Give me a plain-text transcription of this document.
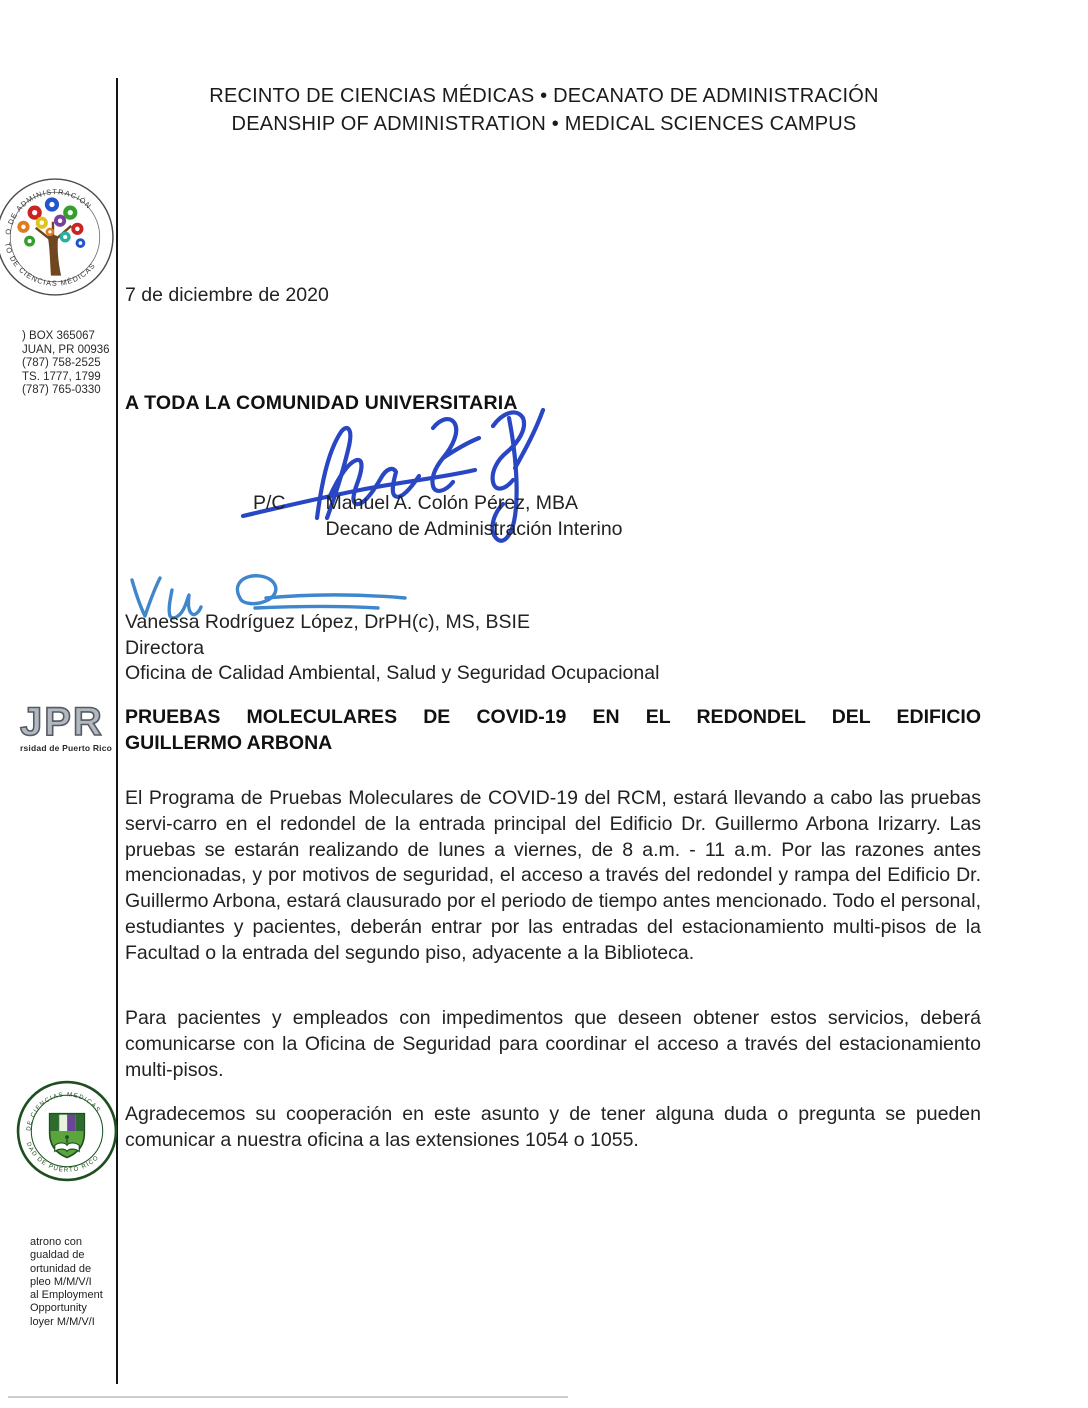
RECINTO DE CIENCIAS MÉDICAS • DECANATO DE ADMINISTRACIÓN
DEANSHIP OF ADMINISTRATION • MEDICAL SCIENCES CAMPUS
O DE ADMINISTRACIÓN
TO DE CIENCIAS MÉDICAS
) BOX 365067
JUAN, PR 00936
(787) 758-2525
TS. 1777, 1799
(787) 765-0330
7 de diciembre de 2020
A TODA LA COMUNIDAD UNIVERSITARIA
P/C Manuel A. Colón Pérez, MBA
Decano de Administración Interino
Vanessa Rodríguez López, DrPH(c), MS, BSIE
Directora
Oficina de Calidad Ambiental, Salud y Seguridad Ocupacional
JPR
rsidad de Puerto Rico
PRUEBAS MOLECULARES DE COVID-19 EN EL REDONDEL DEL EDIFICIO
GUILLERMO ARBONA
El Programa de Pruebas Moleculares de COVID-19 del RCM, estará llevando a cabo las pruebas servi-carro en el redondel de la entrada principal del Edificio Dr. Guillermo Arbona Irizarry. Las pruebas se estarán realizando de lunes a viernes, de 8 a.m. - 11 a.m. Por las razones antes mencionadas, y por motivos de seguridad, el acceso a través del redondel y rampa del Edificio Dr. Guillermo Arbona, estará clausurado por el periodo de tiempo antes mencionado. Todo el personal, estudiantes y pacientes, deberán entrar por las entradas del estacionamiento multi-pisos de la Facultad o la entrada del segundo piso, adyacente a la Biblioteca.
Para pacientes y empleados con impedimentos que deseen obtener estos servicios, deberá comunicarse con la Oficina de Seguridad para coordinar el acceso a través del estacionamiento multi-pisos.
Agradecemos su cooperación en este asunto y de tener alguna duda o pregunta se pueden comunicar a nuestra oficina a las extensiones 1054 o 1055.
DE CIENCIAS MEDICAS
DAD DE PUERTO RICO
atrono con
gualdad de
ortunidad de
pleo M/M/V/I
al Employment
Opportunity
loyer M/M/V/I
